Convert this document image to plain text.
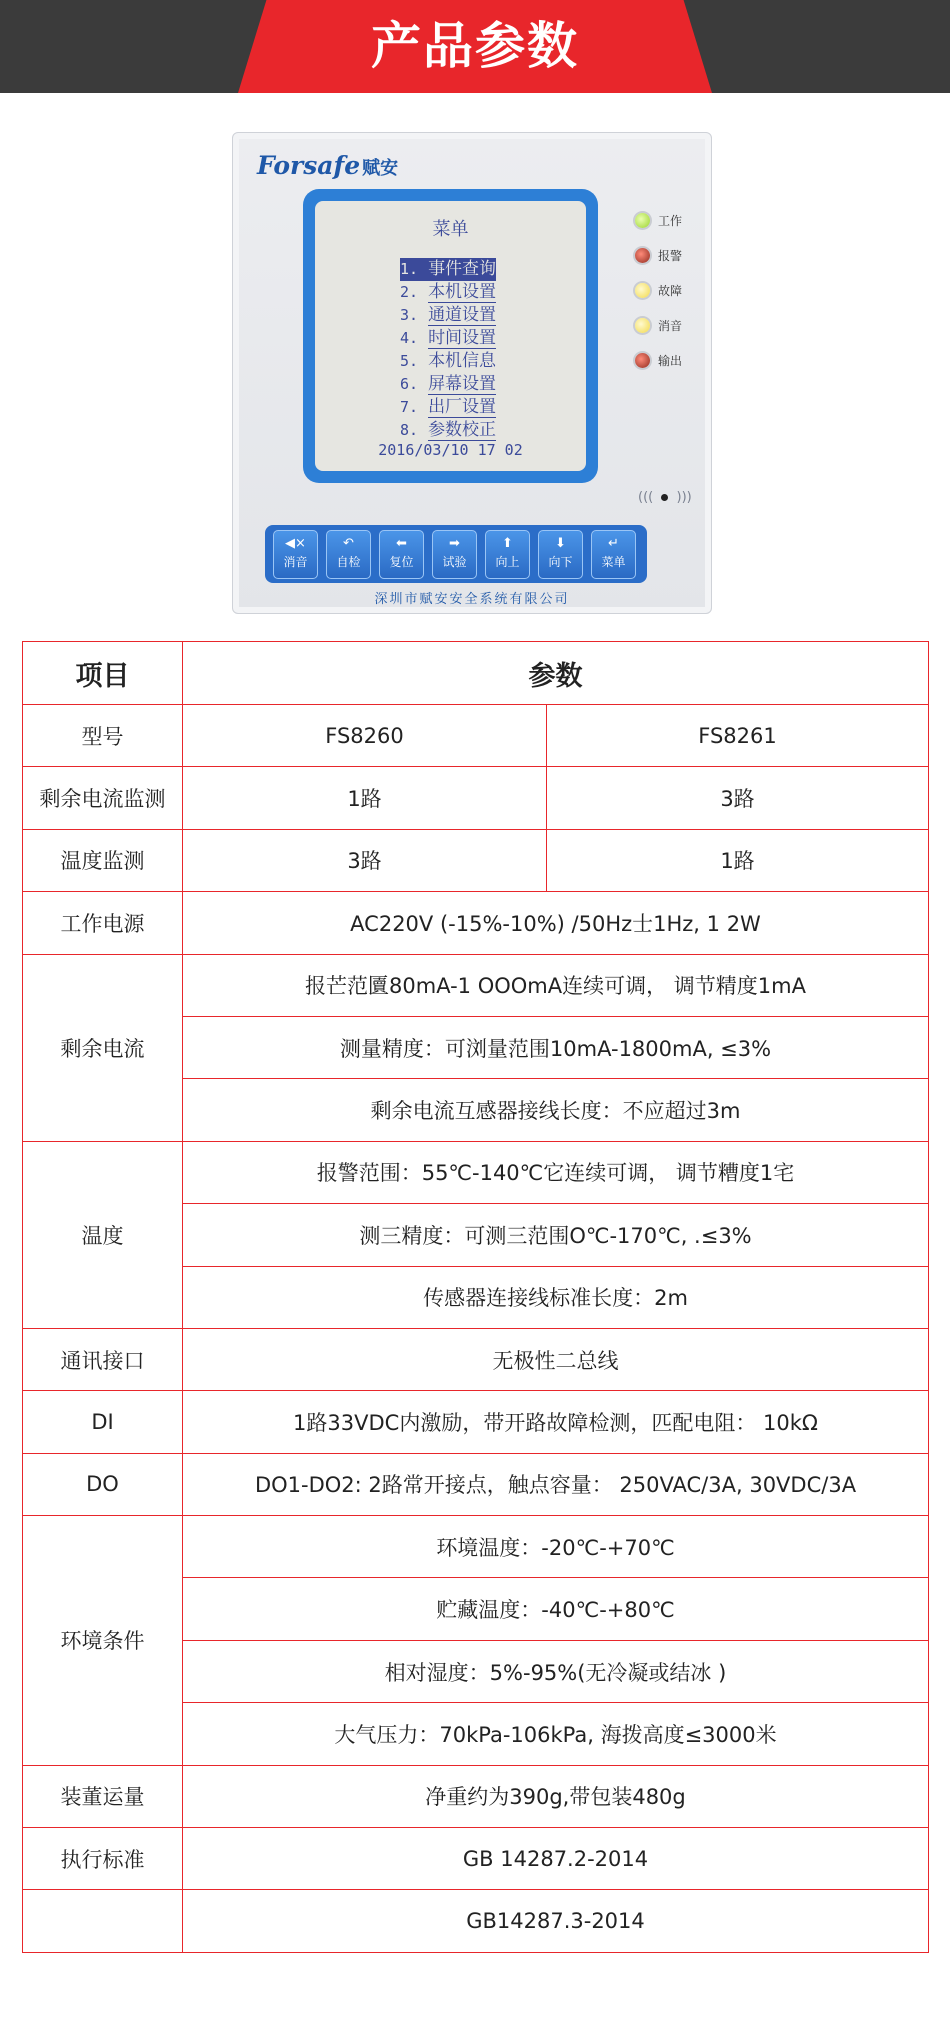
产品参数
Forsafe 赋安
菜单
1. 事件查询
2. 本机设置
3. 通道设置
4. 时间设置
5. 本机信息
6. 屏幕设置
7. 出厂设置
8. 参数校正
2016/03/10 17 02
工作
报警
故障
消音
输出
(((  )))
◀×
消音
↶
自检
⬅
复位
➡
试验
⬆
向上
⬇
向下
↵
菜单
深圳市赋安安全系统有限公司
项目	参数	
型号	FS8260	FS8261
剩余电流监测	1路	3路
温度监测	3路	1路
工作电源	AC220V (-15%-10%) /50Hz士1Hz, 1 2W	
剩余电流	报芒范匵80mA-1 OOOmA连续可调， 调节精度1mA	
	测量精度：可浏量范围10mA-1800mA, ≤3%	
	剩余电流互感器接线长度：不应超过3m	
温度	报警范围：55℃-140℃它连续可调， 调节糟度1宅	
	测三精度：可测三范围O℃-170℃, .≤3%	
	传感器连接线标准长度：2m	
通讯接口	无极性二总线	
DI	1路33VDC内激励，带开路故障检测，匹配电阻： 10kΩ	
DO	DO1-DO2: 2路常开接点，触点容量： 250VAC/3A, 30VDC/3A	
环境条件	环境温度：-20℃-+70℃	
	贮藏温度：-40℃-+80℃	
	相对湿度：5%-95%(无冷凝或结冰 )	
	大气压力：70kPa-106kPa, 海拨高度≤3000米	
装董运量	净重约为390g,带包装480g	
执行标准	GB 14287.2-2014	
	GB14287.3-2014	
